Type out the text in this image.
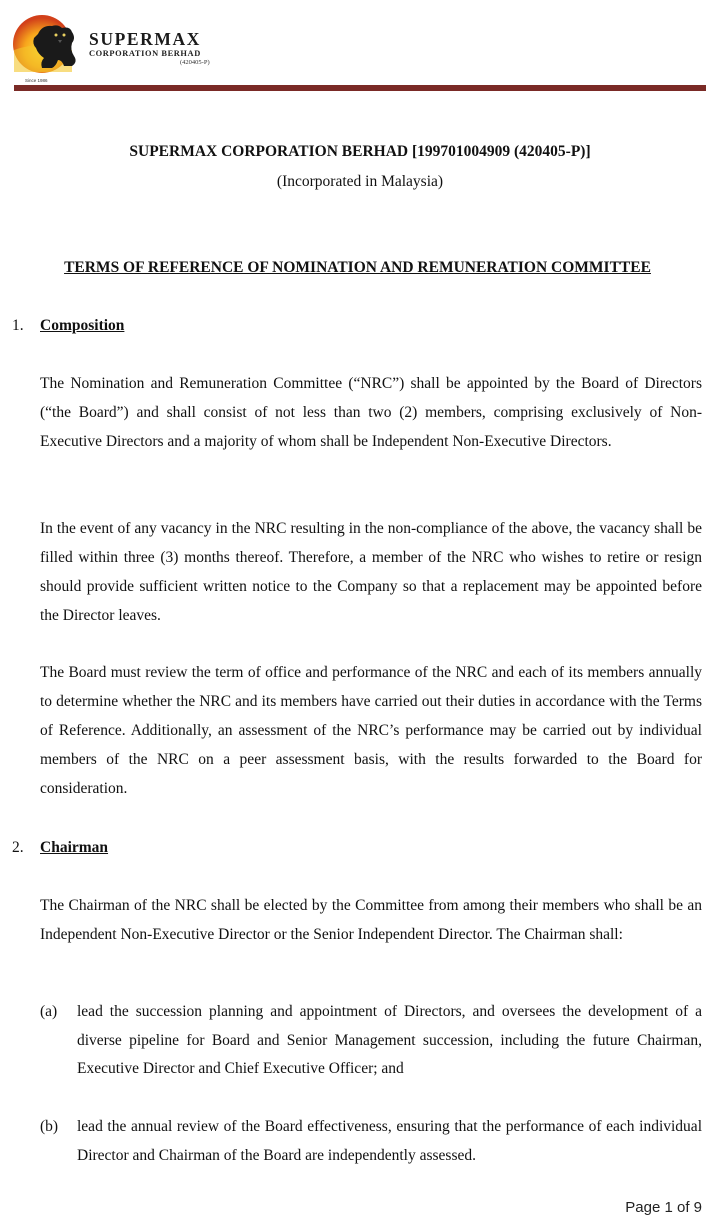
SUPERMAX
CORPORATION BERHAD
(420405-P)
Since 1986
SUPERMAX CORPORATION BERHAD [199701004909 (420405-P)]
(Incorporated in Malaysia)
TERMS OF REFERENCE OF NOMINATION AND REMUNERATION COMMITTEE
1. Composition
The Nomination and Remuneration Committee (“NRC”) shall be appointed by the Board of Directors (“the Board”) and shall consist of not less than two (2) members, comprising exclusively of Non-Executive Directors and a majority of whom shall be Independent Non-Executive Directors.
In the event of any vacancy in the NRC resulting in the non-compliance of the above, the vacancy shall be filled within three (3) months thereof. Therefore, a member of the NRC who wishes to retire or resign should provide sufficient written notice to the Company so that a replacement may be appointed before the Director leaves.
The Board must review the term of office and performance of the NRC and each of its members annually to determine whether the NRC and its members have carried out their duties in accordance with the Terms of Reference. Additionally, an assessment of the NRC’s performance may be carried out by individual members of the NRC on a peer assessment basis, with the results forwarded to the Board for consideration.
2. Chairman
The Chairman of the NRC shall be elected by the Committee from among their members who shall be an Independent Non-Executive Director or the Senior Independent Director. The Chairman shall:
(a) lead the succession planning and appointment of Directors, and oversees the development of a diverse pipeline for Board and Senior Management succession, including the future Chairman, Executive Director and Chief Executive Officer; and
(b) lead the annual review of the Board effectiveness, ensuring that the performance of each individual Director and Chairman of the Board are independently assessed.
Page 1 of 9
